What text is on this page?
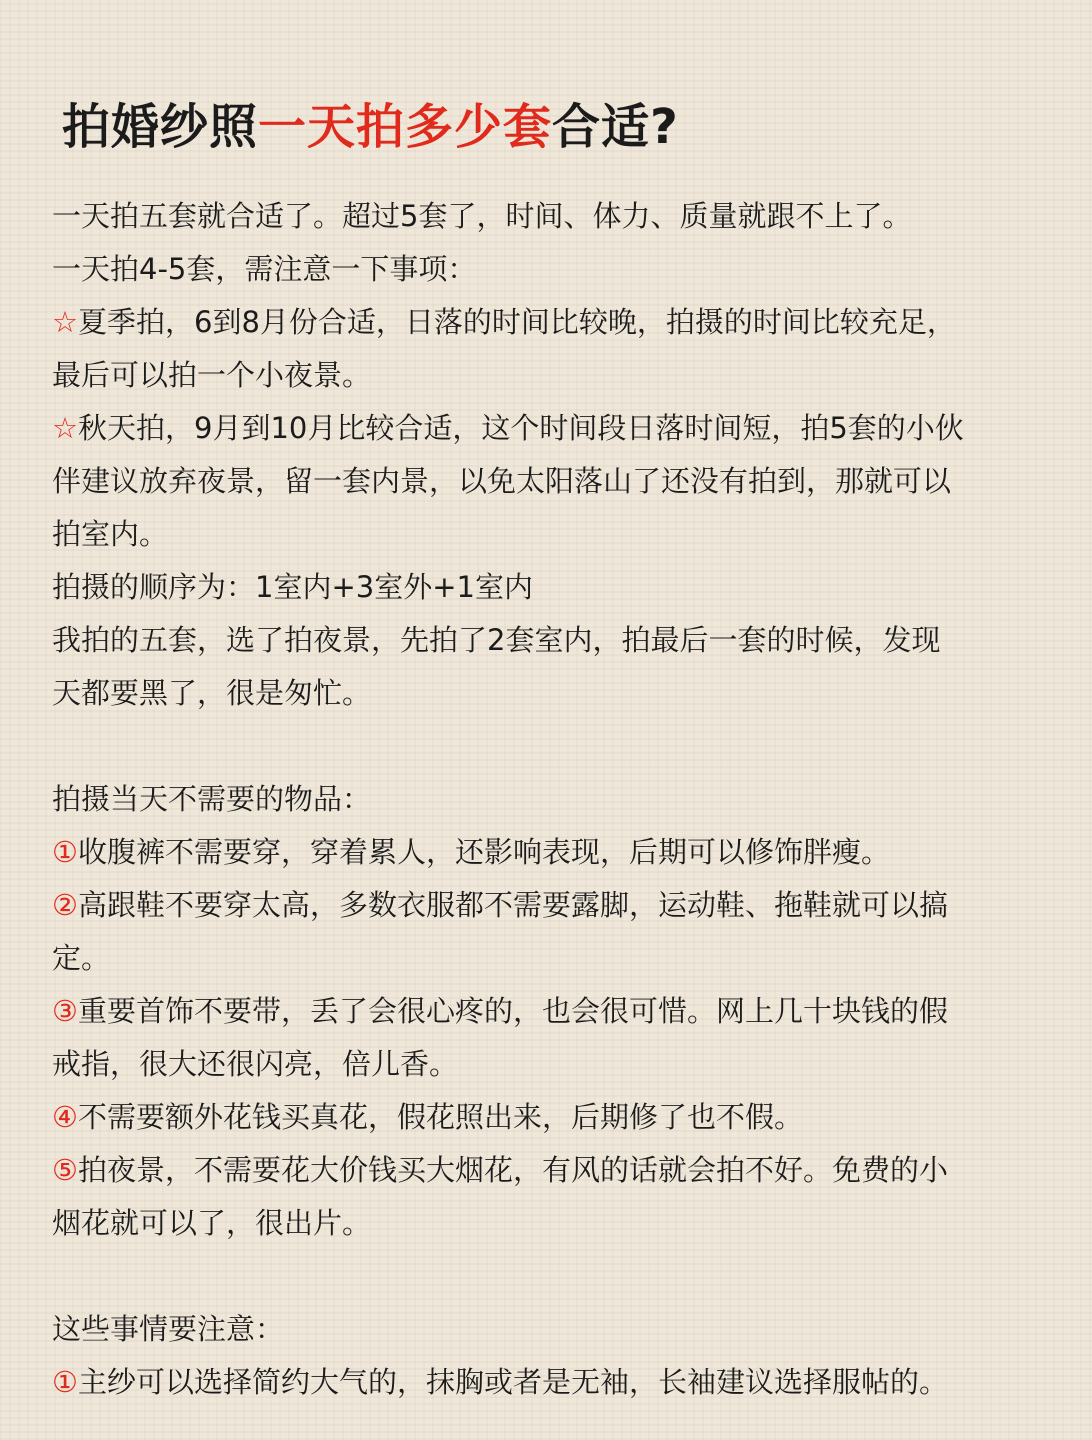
拍婚纱照一天拍多少套合适?
一天拍五套就合适了。超过5套了，时间、体力、质量就跟不上了。
一天拍4-5套，需注意一下事项：
☆夏季拍，6到8月份合适，日落的时间比较晚，拍摄的时间比较充足，
最后可以拍一个小夜景。
☆秋天拍，9月到10月比较合适，这个时间段日落时间短，拍5套的小伙
伴建议放弃夜景，留一套内景，以免太阳落山了还没有拍到，那就可以
拍室内。
拍摄的顺序为：1室内+3室外+1室内
我拍的五套，选了拍夜景，先拍了2套室内，拍最后一套的时候，发现
天都要黑了，很是匆忙。
拍摄当天不需要的物品：
①收腹裤不需要穿，穿着累人，还影响表现，后期可以修饰胖瘦。
②高跟鞋不要穿太高，多数衣服都不需要露脚，运动鞋、拖鞋就可以搞
定。
③重要首饰不要带，丢了会很心疼的，也会很可惜。网上几十块钱的假
戒指，很大还很闪亮，倍儿香。
④不需要额外花钱买真花，假花照出来，后期修了也不假。
⑤拍夜景，不需要花大价钱买大烟花，有风的话就会拍不好。免费的小
烟花就可以了，很出片。
这些事情要注意：
①主纱可以选择简约大气的，抹胸或者是无袖，长袖建议选择服帖的。
